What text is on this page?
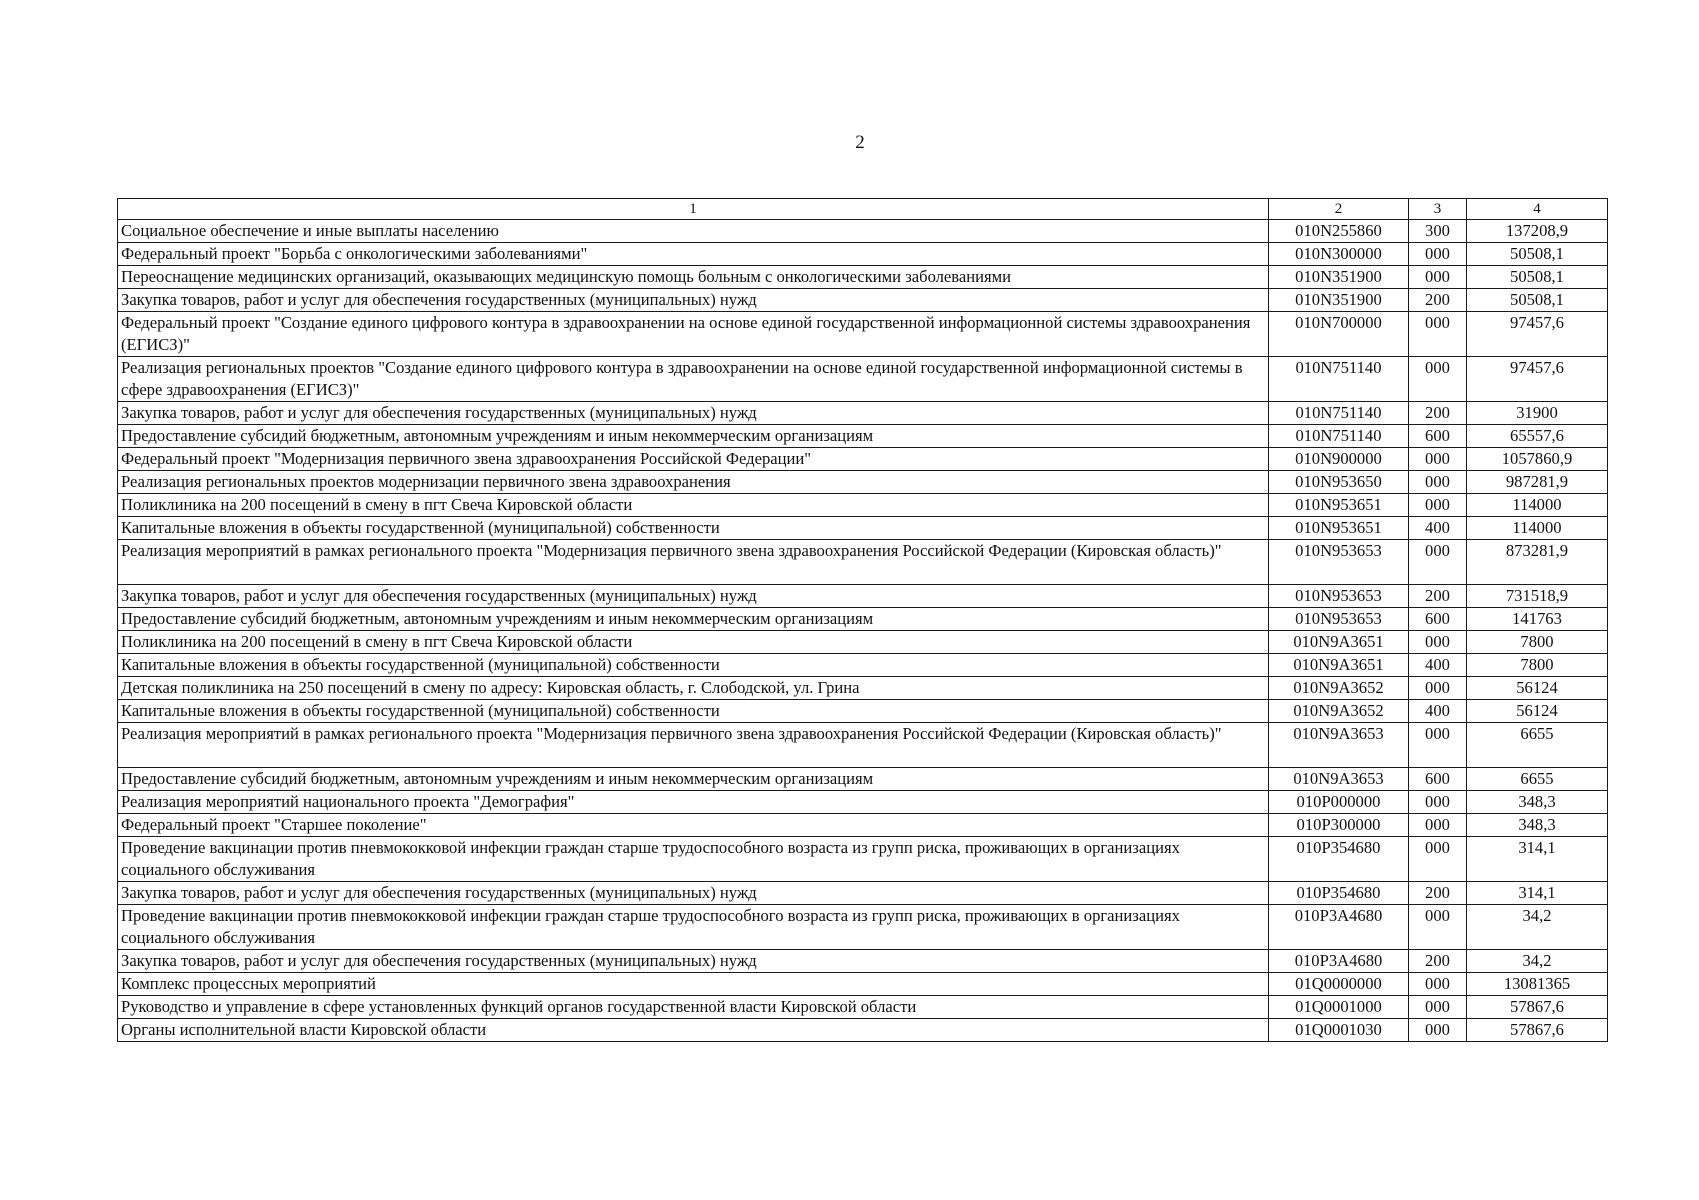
2
1	2	3	4
Социальное обеспечение и иные выплаты населению	010N255860	300	137208,9
Федеральный проект "Борьба с онкологическими заболеваниями"	010N300000	000	50508,1
Переоснащение медицинских организаций, оказывающих медицинскую помощь больным с онкологическими заболеваниями	010N351900	000	50508,1
Закупка товаров, работ и услуг для обеспечения государственных (муниципальных) нужд	010N351900	200	50508,1
Федеральный проект "Создание единого цифрового контура в здравоохранении на основе единой государственной информационной системы здравоохранения (ЕГИСЗ)"	010N700000	000	97457,6
Реализация региональных проектов "Создание единого цифрового контура в здравоохранении на основе единой государственной информационной системы в сфере здравоохранения (ЕГИСЗ)"	010N751140	000	97457,6
Закупка товаров, работ и услуг для обеспечения государственных (муниципальных) нужд	010N751140	200	31900
Предоставление субсидий бюджетным, автономным учреждениям и иным некоммерческим организациям	010N751140	600	65557,6
Федеральный проект "Модернизация первичного звена здравоохранения Российской Федерации"	010N900000	000	1057860,9
Реализация региональных проектов модернизации первичного звена здравоохранения	010N953650	000	987281,9
Поликлиника на 200 посещений в смену в пгт Свеча Кировской области	010N953651	000	114000
Капитальные вложения в объекты государственной (муниципальной) собственности	010N953651	400	114000
Реализация мероприятий в рамках регионального проекта "Модернизация первичного звена здравоохранения Российской Федерации (Кировская область)"	010N953653	000	873281,9
Закупка товаров, работ и услуг для обеспечения государственных (муниципальных) нужд	010N953653	200	731518,9
Предоставление субсидий бюджетным, автономным учреждениям и иным некоммерческим организациям	010N953653	600	141763
Поликлиника на 200 посещений в смену в пгт Свеча Кировской области	010N9A3651	000	7800
Капитальные вложения в объекты государственной (муниципальной) собственности	010N9A3651	400	7800
Детская поликлиника на 250 посещений в смену по адресу: Кировская область, г. Слободской, ул. Грина	010N9A3652	000	56124
Капитальные вложения в объекты государственной (муниципальной) собственности	010N9A3652	400	56124
Реализация мероприятий в рамках регионального проекта "Модернизация первичного звена здравоохранения Российской Федерации (Кировская область)"	010N9A3653	000	6655
Предоставление субсидий бюджетным, автономным учреждениям и иным некоммерческим организациям	010N9A3653	600	6655
Реализация мероприятий национального проекта "Демография"	010P000000	000	348,3
Федеральный проект "Старшее поколение"	010P300000	000	348,3
Проведение вакцинации против пневмококковой инфекции граждан старше трудоспособного возраста из групп риска, проживающих в организациях социального обслуживания	010P354680	000	314,1
Закупка товаров, работ и услуг для обеспечения государственных (муниципальных) нужд	010P354680	200	314,1
Проведение вакцинации против пневмококковой инфекции граждан старше трудоспособного возраста из групп риска, проживающих в организациях социального обслуживания	010P3A4680	000	34,2
Закупка товаров, работ и услуг для обеспечения государственных (муниципальных) нужд	010P3A4680	200	34,2
Комплекс процессных мероприятий	01Q0000000	000	13081365
Руководство и управление в сфере установленных функций органов государственной власти Кировской области	01Q0001000	000	57867,6
Органы исполнительной власти Кировской области	01Q0001030	000	57867,6
